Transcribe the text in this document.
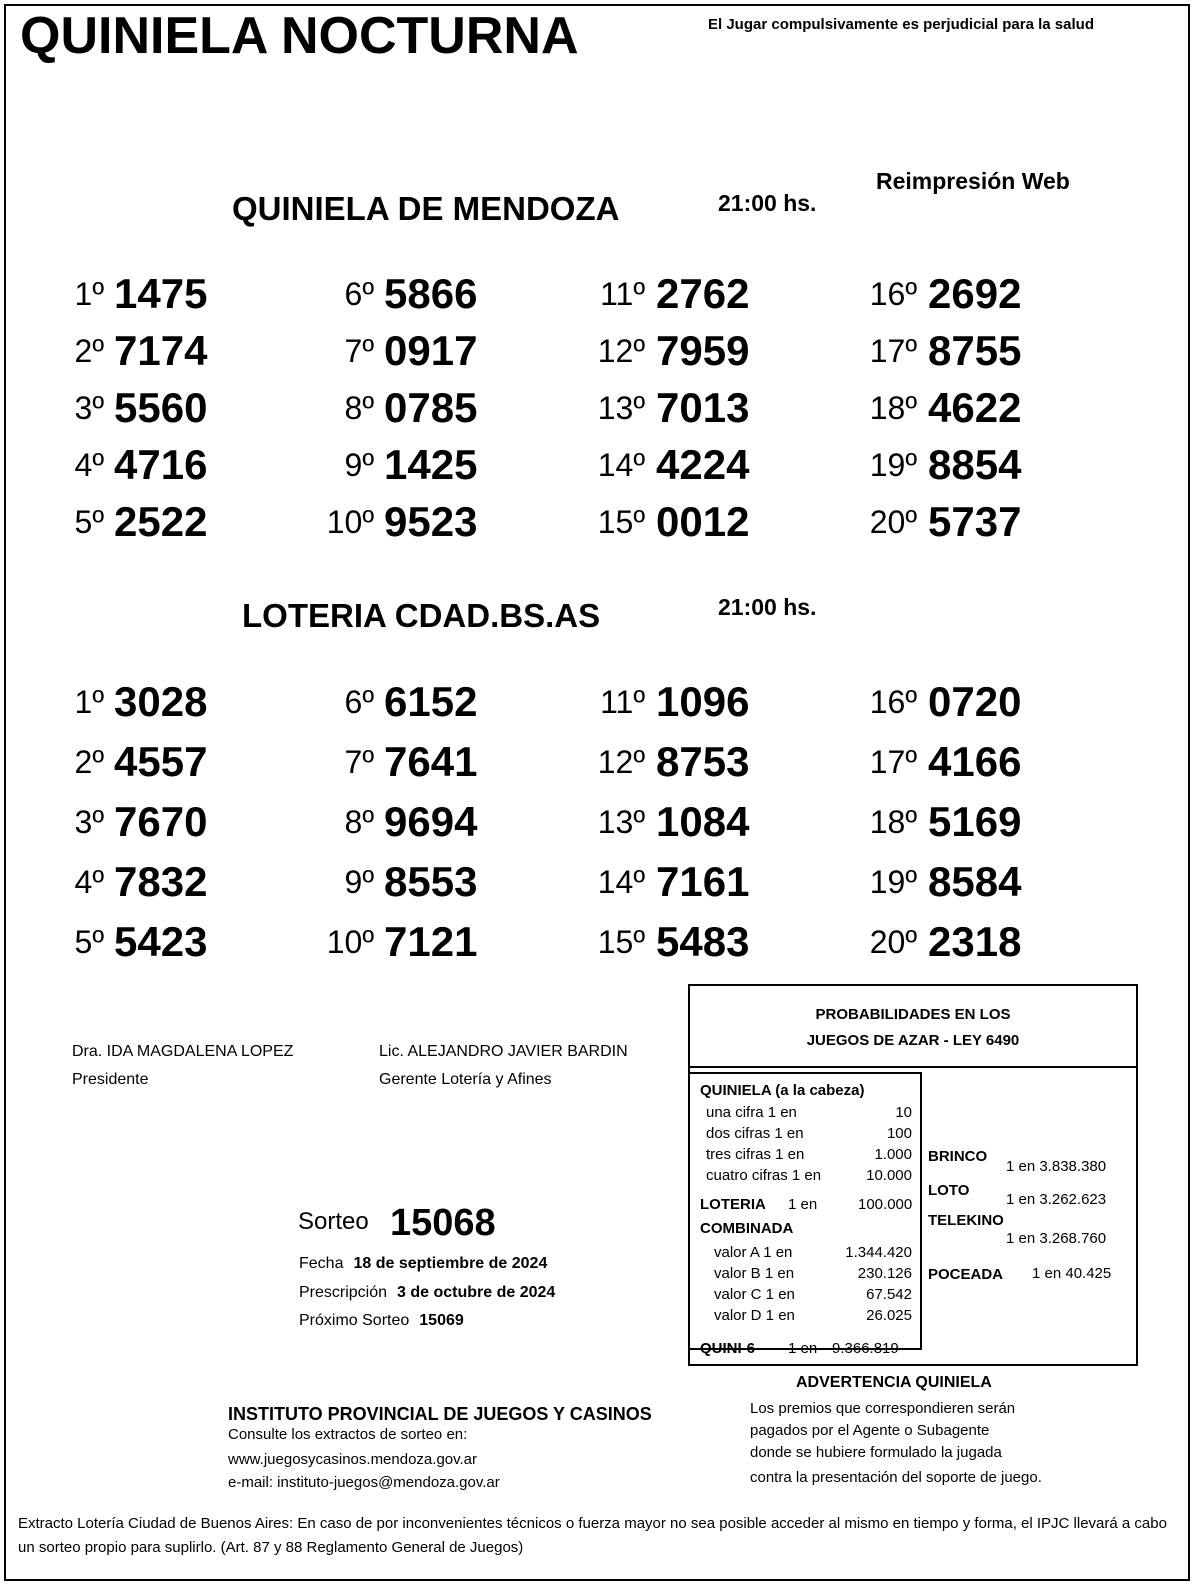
QUINIELA NOCTURNA	El Jugar compulsivamente es perjudicial para la salud
Reimpresión Web
QUINIELA DE MENDOZA	21:00 hs.
1º 1475
2º 7174
3º 5560
4º 4716
5º 2522
6º 5866
7º 0917
8º 0785
9º 1425
10º 9523
11º 2762
12º 7959
13º 7013
14º 4224
15º 0012
16º 2692
17º 8755
18º 4622
19º 8854
20º 5737
LOTERIA CDAD.BS.AS	21:00 hs.
1º 3028
2º 4557
3º 7670
4º 7832
5º 5423
6º 6152
7º 7641
8º 9694
9º 8553
10º 7121
11º 1096
12º 8753
13º 1084
14º 7161
15º 5483
16º 0720
17º 4166
18º 5169
19º 8584
20º 2318
Dra. IDA MAGDALENA LOPEZ
Presidente
Lic. ALEJANDRO JAVIER BARDIN
Gerente Lotería y Afines
Sorteo 15068
Fecha 18 de septiembre de 2024
Prescripción 3 de octubre de 2024
Próximo Sorteo 15069
PROBABILIDADES EN LOS
JUEGOS DE AZAR - LEY 6490
QUINIELA (a la cabeza)
una cifra 1 en	10
dos cifras 1 en	100
tres cifras 1 en	1.000
cuatro cifras 1 en	10.000
LOTERIA 1 en	100.000
COMBINADA
valor A 1 en	1.344.420
valor B 1 en	230.126
valor C 1 en	67.542
valor D 1 en	26.025
QUINI-6 1 en 9.366.819
BRINCO
1 en 3.838.380
LOTO
1 en 3.262.623
TELEKINO
1 en 3.268.760
POCEADA 1 en 40.425
ADVERTENCIA QUINIELA
Los premios que correspondieren serán
pagados por el Agente o Subagente
donde se hubiere formulado la jugada
contra la presentación del soporte de juego.
INSTITUTO PROVINCIAL DE JUEGOS Y CASINOS
Consulte los extractos de sorteo en:
www.juegosycasinos.mendoza.gov.ar
e-mail: instituto-juegos@mendoza.gov.ar
Extracto Lotería Ciudad de Buenos Aires: En caso de por inconvenientes técnicos o fuerza mayor no sea posible acceder al mismo en tiempo y forma, el IPJC llevará a cabo un sorteo propio para suplirlo. (Art. 87 y 88 Reglamento General de Juegos)
